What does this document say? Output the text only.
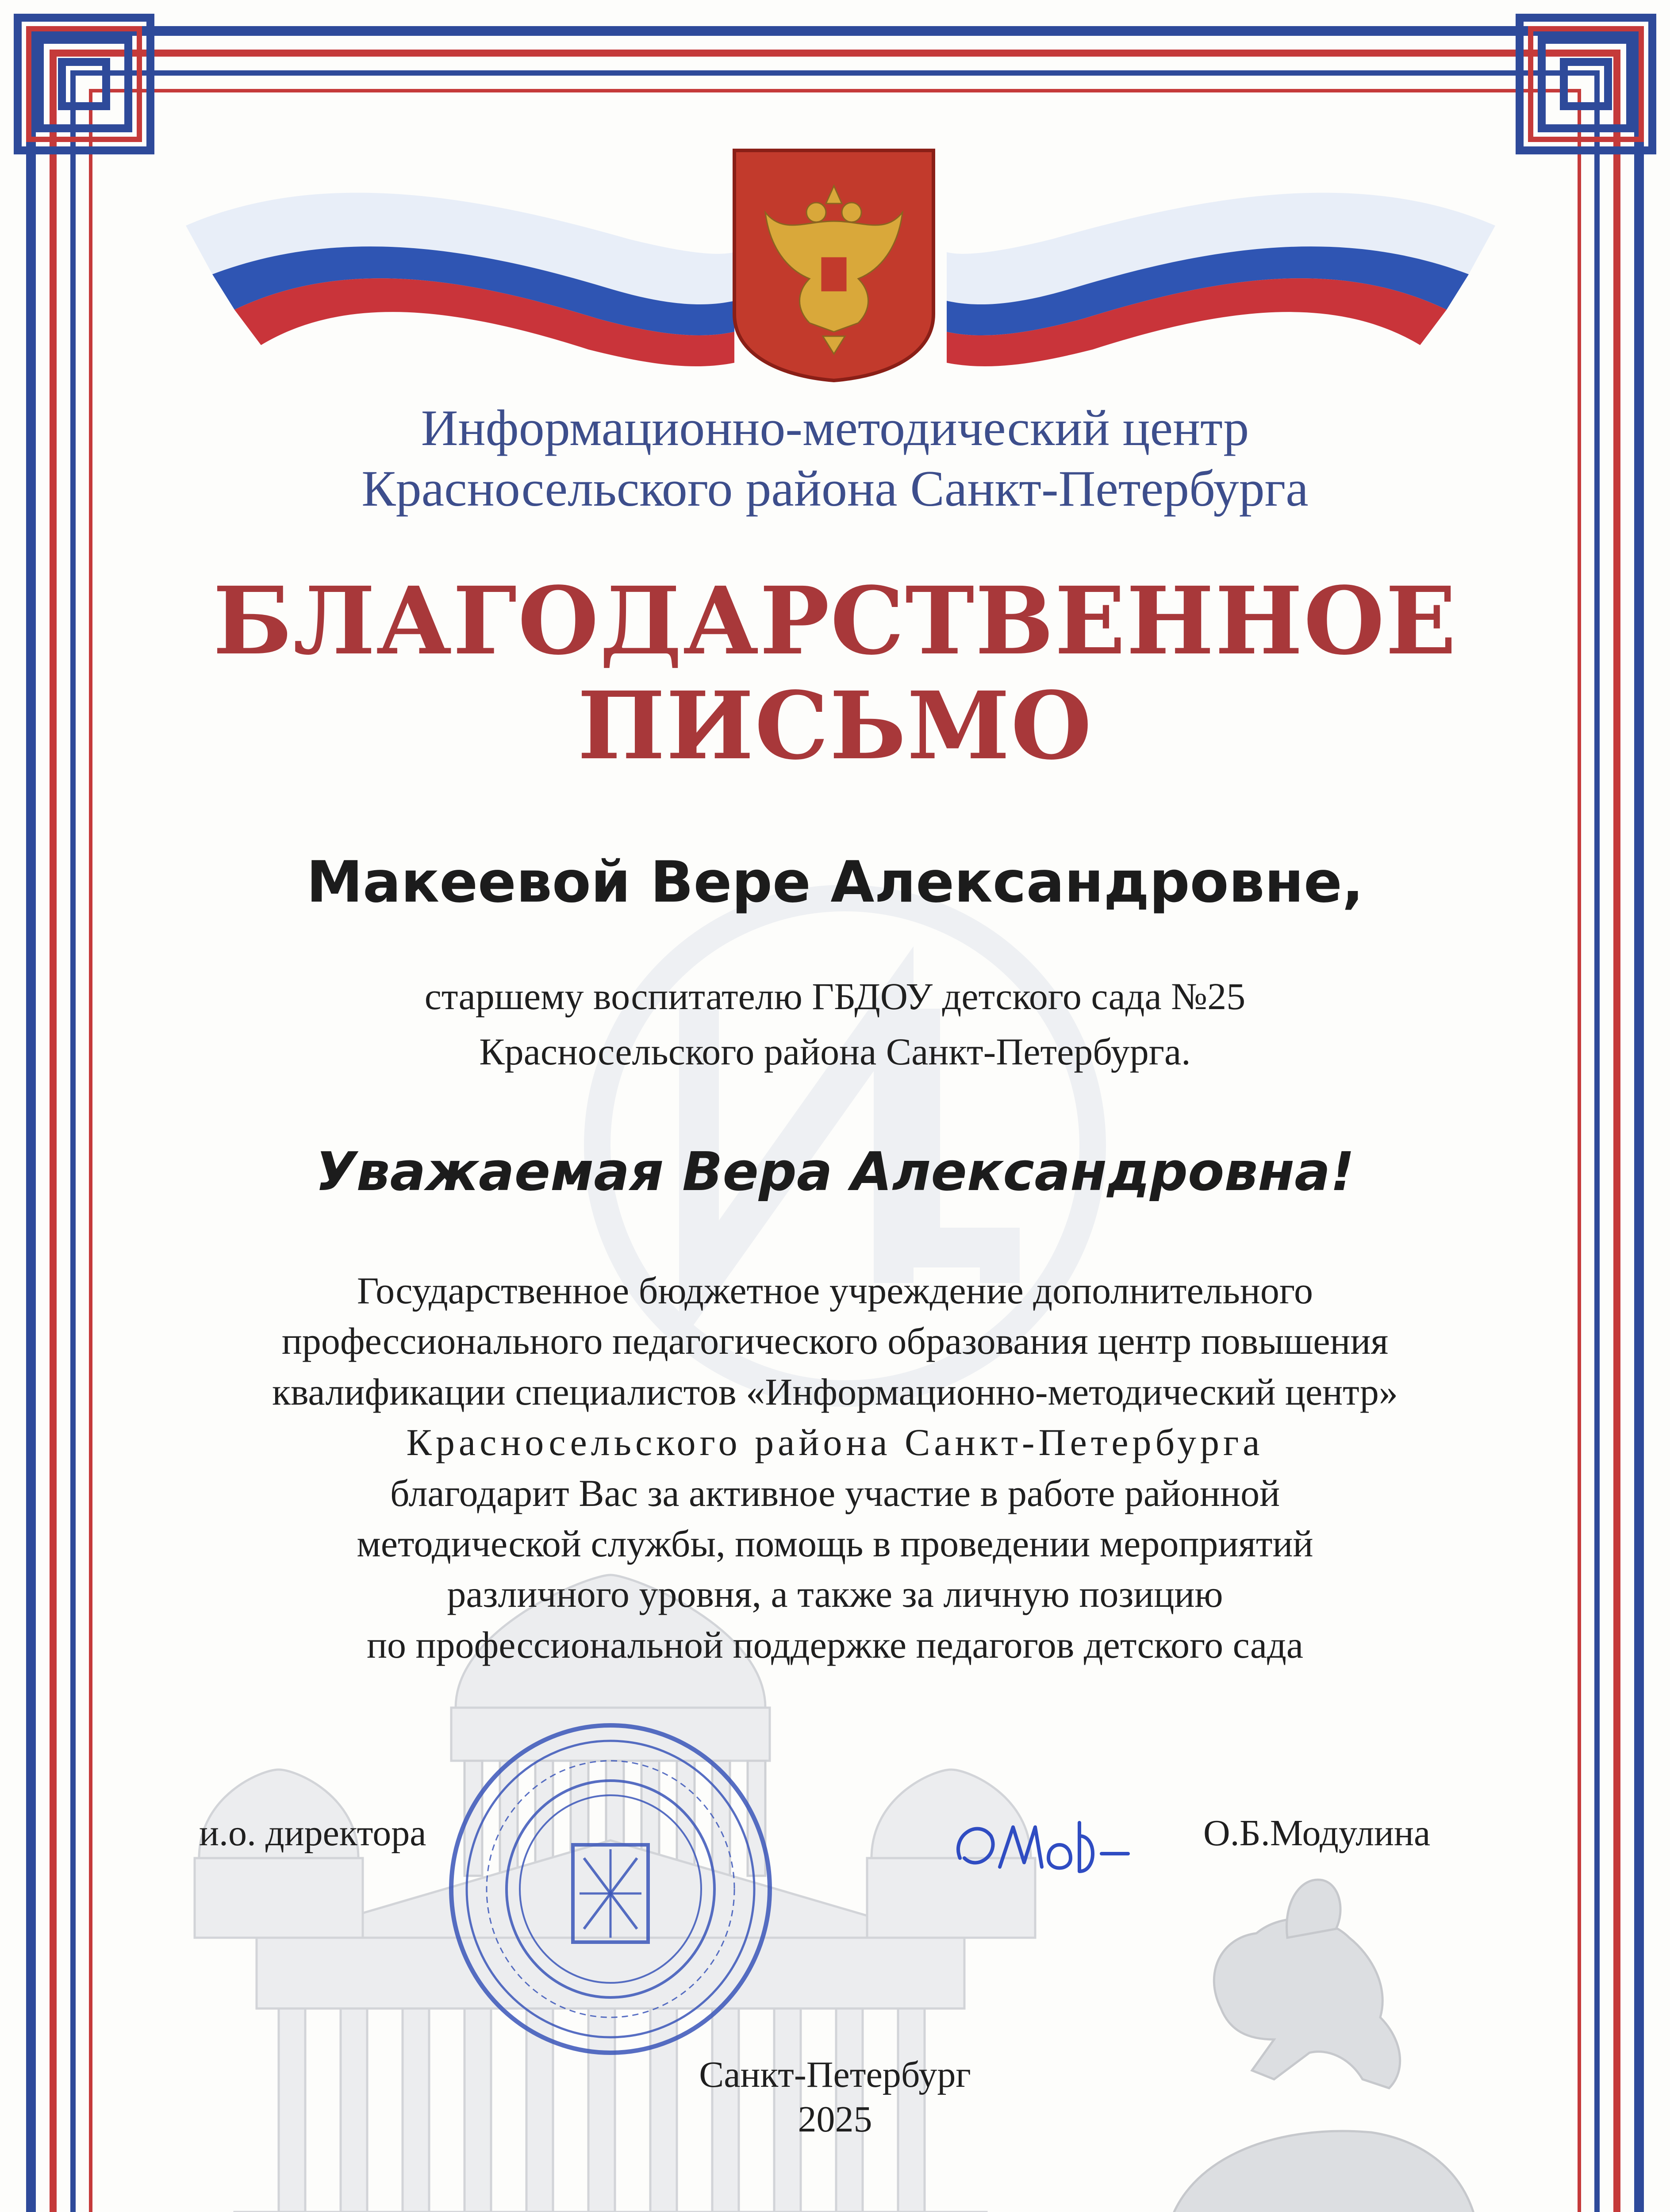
Информационно-методический центр
Красносельского района Санкт-Петербурга
БЛАГОДАРСТВЕННОЕ
ПИСЬМО
Макеевой Вере Александровне,
старшему воспитателю ГБДОУ детского сада №25
Красносельского района Санкт-Петербурга.
Уважаемая Вера Александровна!
Государственное бюджетное учреждение дополнительного
профессионального педагогического образования центр повышения
квалификации специалистов «Информационно-методический центр»
Красносельского района Санкт-Петербурга
благодарит Вас за активное участие в работе районной
методической службы, помощь в проведении мероприятий
различного уровня, а также за личную позицию
по профессиональной поддержке педагогов детского сада
и.о. директора	О.Б.Модулина
Санкт-Петербург
2025
